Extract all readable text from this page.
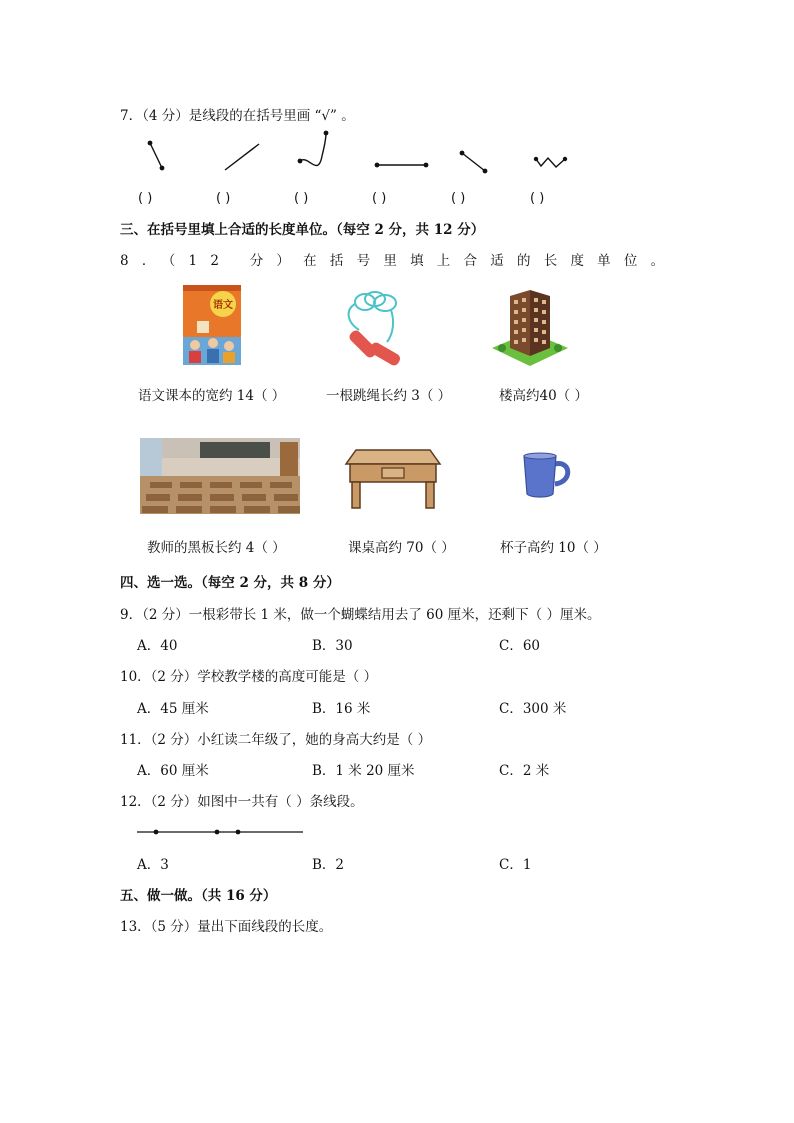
7．（4 分）是线段的在括号里画 “√” 。
( )	( )	( )	( )	( )	( )
三、在括号里填上合适的长度单位。（每空 2 分，共 12 分）
8．（12 分）在括号里填上合适的长度单位。
语文
语文课本的宽约 14（ ）	一根跳绳长约 3（ ）	楼高约40（ ）
教师的黑板长约 4（ ）	课桌高约 70（ ）	杯子高约 10（ ）
四、选一选。（每空 2 分，共 8 分）
9．（2 分）一根彩带长 1 米，做一个蝴蝶结用去了 60 厘米，还剩下（ ）厘米。
A．40	B．30	C．60
10．（2 分）学校教学楼的高度可能是（ ）
A．45 厘米	B．16 米	C．300 米
11．（2 分）小红读二年级了，她的身高大约是（ ）
A．60 厘米	B．1 米 20 厘米	C．2 米
12．（2 分）如图中一共有（ ）条线段。
A．3	B．2	C．1
五、做一做。（共 16 分）
13．（5 分）量出下面线段的长度。
